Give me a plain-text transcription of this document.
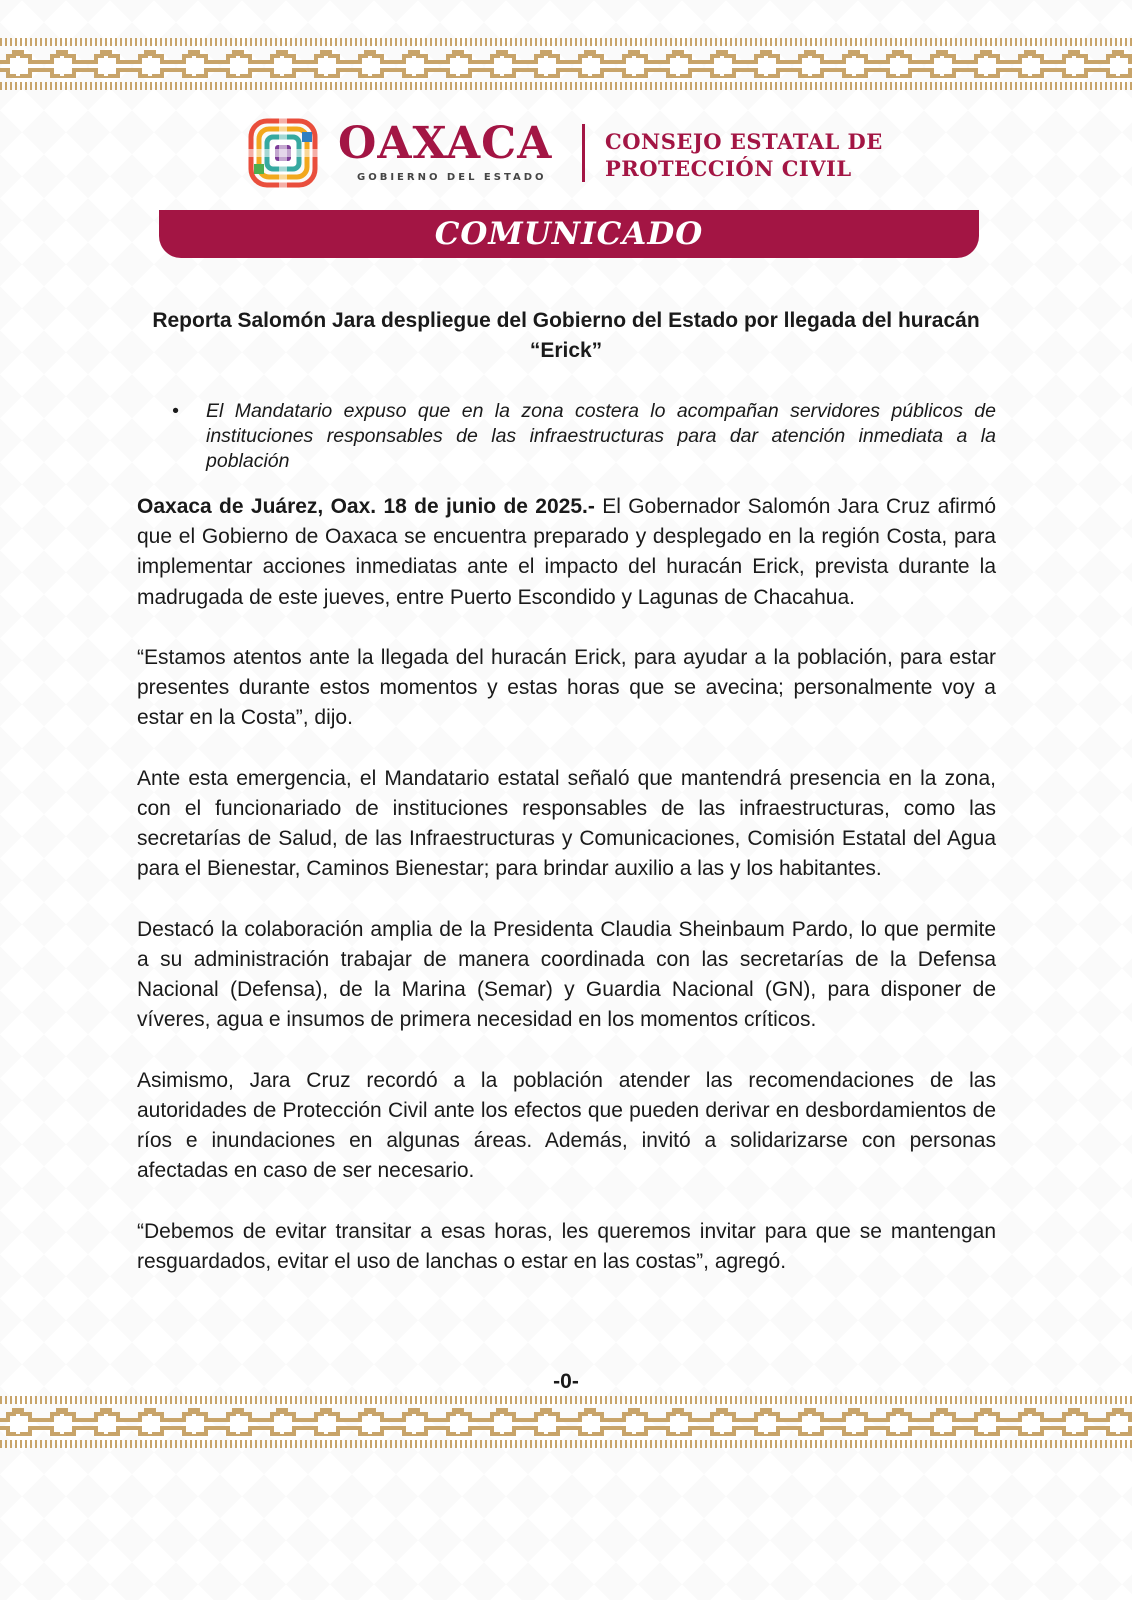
OAXACA
GOBIERNO DEL ESTADO
CONSEJO ESTATAL DE
PROTECCIÓN CIVIL
COMUNICADO
Reporta Salomón Jara despliegue del Gobierno del Estado por llegada del huracán “Erick”
• El Mandatario expuso que en la zona costera lo acompañan servidores públicos de instituciones responsables de las infraestructuras para dar atención inmediata a la población

Oaxaca de Juárez, Oax. 18 de junio de 2025.- El Gobernador Salomón Jara Cruz afirmó que el Gobierno de Oaxaca se encuentra preparado y desplegado en la región Costa, para implementar acciones inmediatas ante el impacto del huracán Erick, prevista durante la madrugada de este jueves, entre Puerto Escondido y Lagunas de Chacahua.

“Estamos atentos ante la llegada del huracán Erick, para ayudar a la población, para estar presentes durante estos momentos y estas horas que se avecina; personalmente voy a estar en la Costa”, dijo.

Ante esta emergencia, el Mandatario estatal señaló que mantendrá presencia en la zona, con el funcionariado de instituciones responsables de las infraestructuras, como las secretarías de Salud, de las Infraestructuras y Comunicaciones, Comisión Estatal del Agua para el Bienestar, Caminos Bienestar; para brindar auxilio a las y los habitantes.

Destacó la colaboración amplia de la Presidenta Claudia Sheinbaum Pardo, lo que permite a su administración trabajar de manera coordinada con las secretarías de la Defensa Nacional (Defensa), de la Marina (Semar) y Guardia Nacional (GN), para disponer de víveres, agua e insumos de primera necesidad en los momentos críticos.

Asimismo, Jara Cruz recordó a la población atender las recomendaciones de las autoridades de Protección Civil ante los efectos que pueden derivar en desbordamientos de ríos e inundaciones en algunas áreas. Además, invitó a solidarizarse con personas afectadas en caso de ser necesario.

“Debemos de evitar transitar a esas horas, les queremos invitar para que se mantengan resguardados, evitar el uso de lanchas o estar en las costas”, agregó.

-0-
